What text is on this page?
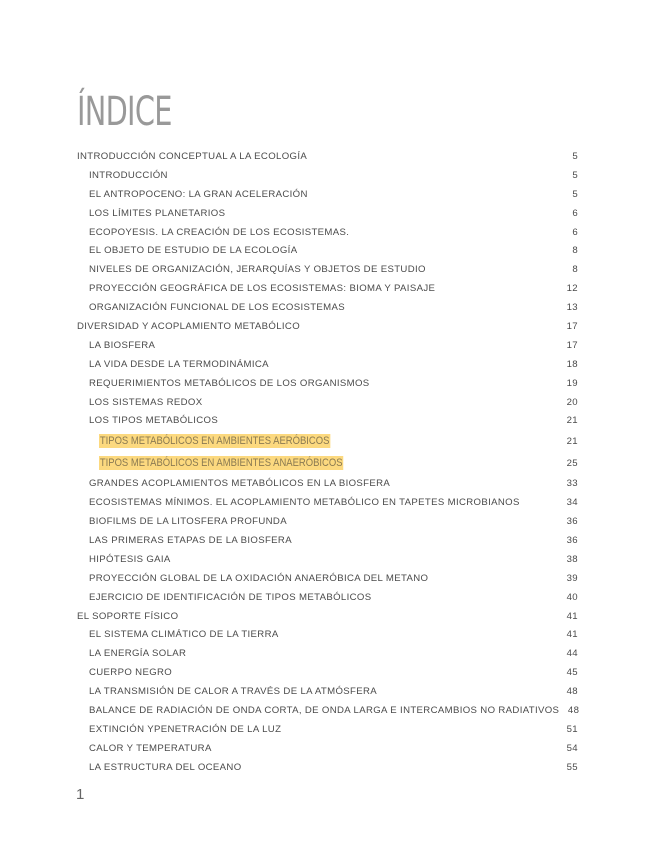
ÍNDICE
INTRODUCCIÓN CONCEPTUAL A LA ECOLOGÍA	5
INTRODUCCIÓN	5
EL ANTROPOCENO: LA GRAN ACELERACIÓN	5
LOS LÍMITES PLANETARIOS	6
ECOPOYESIS. LA CREACIÓN DE LOS ECOSISTEMAS.	6
EL OBJETO DE ESTUDIO DE LA ECOLOGÍA	8
NIVELES DE ORGANIZACIÓN, JERARQUÍAS Y OBJETOS DE ESTUDIO	8
PROYECCIÓN GEOGRÁFICA DE LOS ECOSISTEMAS: BIOMA Y PAISAJE	12
ORGANIZACIÓN FUNCIONAL DE LOS ECOSISTEMAS	13
DIVERSIDAD Y ACOPLAMIENTO METABÓLICO	17
LA BIOSFERA	17
LA VIDA DESDE LA TERMODINÁMICA	18
REQUERIMIENTOS METABÓLICOS DE LOS ORGANISMOS	19
LOS SISTEMAS REDOX	20
LOS TIPOS METABÓLICOS	21
TIPOS METABÓLICOS EN AMBIENTES AERÓBICOS	21
TIPOS METABÓLICOS EN AMBIENTES ANAERÓBICOS	25
GRANDES ACOPLAMIENTOS METABÓLICOS EN LA BIOSFERA	33
ECOSISTEMAS MÍNIMOS. EL ACOPLAMIENTO METABÓLICO EN TAPETES MICROBIANOS	34
BIOFILMS DE LA LITOSFERA PROFUNDA	36
LAS PRIMERAS ETAPAS DE LA BIOSFERA	36
HIPÓTESIS GAIA	38
PROYECCIÓN GLOBAL DE LA OXIDACIÓN ANAERÓBICA DEL METANO	39
EJERCICIO DE IDENTIFICACIÓN DE TIPOS METABÓLICOS	40
EL SOPORTE FÍSICO	41
EL SISTEMA CLIMÁTICO DE LA TIERRA	41
LA ENERGÍA SOLAR	44
CUERPO NEGRO	45
LA TRANSMISIÓN DE CALOR A TRAVÉS DE LA ATMÓSFERA	48
BALANCE DE RADIACIÓN DE ONDA CORTA, DE ONDA LARGA E INTERCAMBIOS NO RADIATIVOS 48
EXTINCIÓN YPENETRACIÓN DE LA LUZ	51
CALOR Y TEMPERATURA	54
LA ESTRUCTURA DEL OCEANO	55
1
